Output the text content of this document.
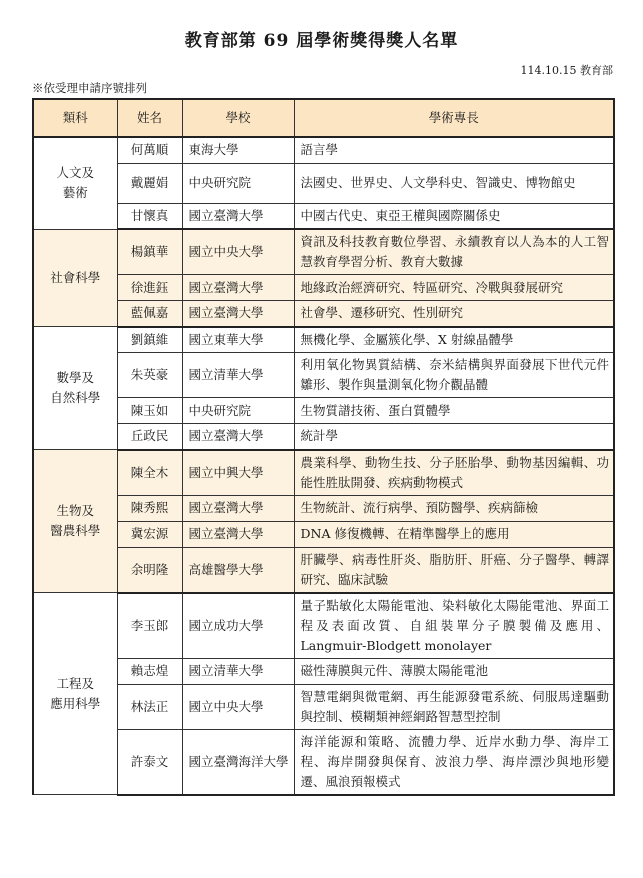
教育部第 69 屆學術獎得獎人名單
114.10.15 教育部
※依受理申請序號排列
類科	姓名	學校	學術專長
人文及
藝術	何萬順	東海大學	語言學
	戴麗娟	中央研究院	法國史、世界史、人文學科史、智識史、博物館史
	甘懷真	國立臺灣大學	中國古代史、東亞王權與國際關係史
社會科學	楊鎮華	國立中央大學	資訊及科技教育數位學習、永續教育以人為本的人工智慧教育學習分析、教育大數據
	徐進鈺	國立臺灣大學	地緣政治經濟研究、特區研究、冷戰與發展研究
	藍佩嘉	國立臺灣大學	社會學、遷移研究、性別研究
數學及
自然科學	劉鎮維	國立東華大學	無機化學、金屬簇化學、X 射線晶體學
	朱英豪	國立清華大學	利用氧化物異質結構、奈米結構與界面發展下世代元件雛形、製作與量測氧化物介觀晶體
	陳玉如	中央研究院	生物質譜技術、蛋白質體學
	丘政民	國立臺灣大學	統計學
生物及
醫農科學	陳全木	國立中興大學	農業科學、動物生技、分子胚胎學、動物基因編輯、功能性胜肽開發、疾病動物模式
	陳秀熙	國立臺灣大學	生物統計、流行病學、預防醫學、疾病篩檢
	冀宏源	國立臺灣大學	DNA 修復機轉、在精準醫學上的應用
	余明隆	高雄醫學大學	肝臟學、病毒性肝炎、脂肪肝、肝癌、分子醫學、轉譯研究、臨床試驗
工程及
應用科學	李玉郎	國立成功大學	量子點敏化太陽能電池、染料敏化太陽能電池、界面工程及表面改質、自組裝單分子膜製備及應用、Langmuir-Blodgett monolayer
	賴志煌	國立清華大學	磁性薄膜與元件、薄膜太陽能電池
	林法正	國立中央大學	智慧電網與微電網、再生能源發電系統、伺服馬達驅動與控制、模糊類神經網路智慧型控制
	許泰文	國立臺灣海洋大學	海洋能源和策略、流體力學、近岸水動力學、海岸工程、海岸開發與保育、波浪力學、海岸漂沙與地形變遷、風浪預報模式
